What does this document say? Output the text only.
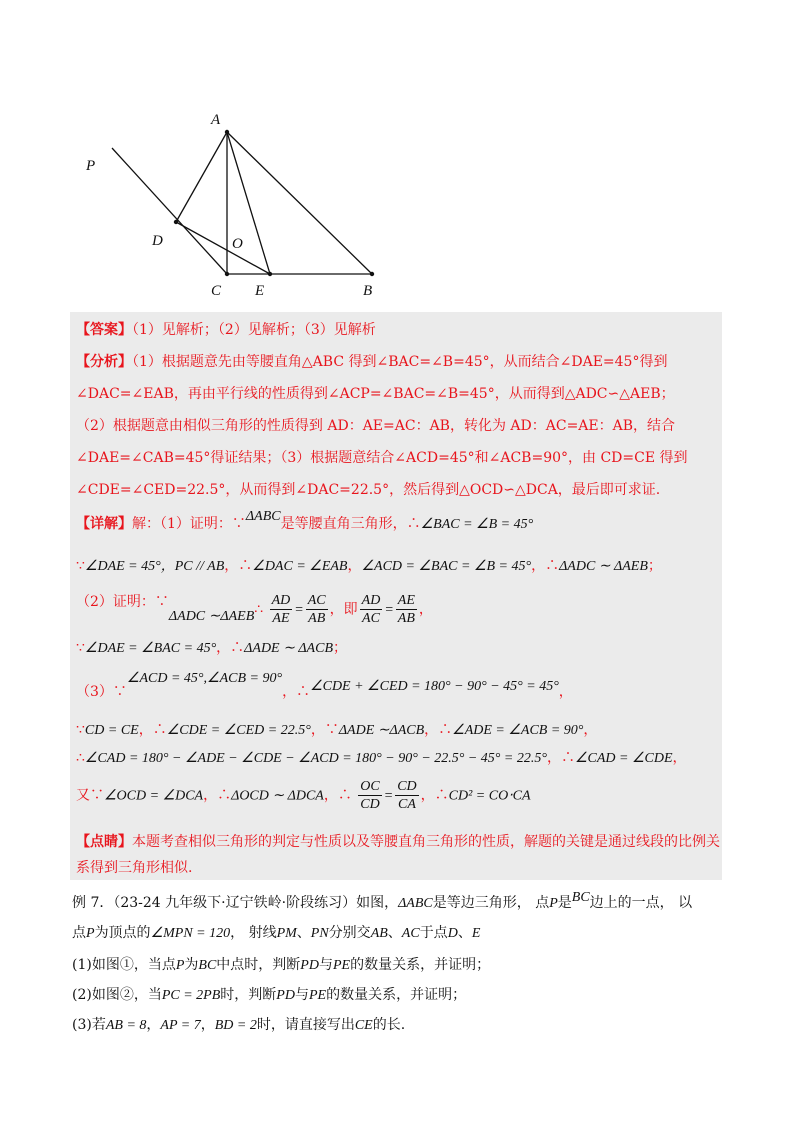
A
P
D	O
C E	B
【答案】（1）见解析；（2）见解析；（3）见解析
【分析】（1）根据题意先由等腰直角△ABC 得到∠BAC=∠B=45°，从而结合∠DAE=45°得到
∠DAC=∠EAB，再由平行线的性质得到∠ACP=∠BAC=∠B=45°，从而得到△ADC∽△AEB；
（2）根据题意由相似三角形的性质得到 AD：AE=AC：AB，转化为 AD：AC=AE：AB，结合
∠DAE=∠CAB=45°得证结果；（3）根据题意结合∠ACD=45°和∠ACB=90°，由 CD=CE 得到
∠CDE=∠CED=22.5°，从而得到∠DAC=22.5°，然后得到△OCD∽△DCA，最后即可求证.
【详解】解：（1）证明：∵ΔABC是等腰直角三角形，∴∠BAC = ∠B = 45°
∵∠DAE = 45°，PC // AB，∴∠DAC = ∠EAB，∠ACD = ∠BAC = ∠B = 45°，∴ΔADC ∼ ΔAEB；
（2）证明：∵ΔADC ∼ΔAEB∴ $\frac{AD}{AE} = \frac{AC}{AB}$ ，即 $\frac{AD}{AC} = \frac{AE}{AB}$ ，
∵∠DAE = ∠BAC = 45°，∴ΔADE ∼ ΔACB；
（3）∵∠ACD = 45°,∠ACB = 90°，∴∠CDE + ∠CED = 180° − 90° − 45° = 45°，
∵CD = CE，∴∠CDE = ∠CED = 22.5°，∵ΔADE ∼ΔACB，∴∠ADE = ∠ACB = 90°，
∴∠CAD = 180° − ∠ADE − ∠CDE − ∠ACD = 180° − 90° − 22.5° − 45° = 22.5°，∴∠CAD = ∠CDE，
又∵∠OCD = ∠DCA，∴ΔOCD ∼ ΔDCA，∴ $\frac{OC}{CD} = \frac{CD}{CA}$ ，∴CD² = CO⋅CA
【点睛】本题考查相似三角形的判定与性质以及等腰直角三角形的性质，解题的关键是通过线段的比例关
系得到三角形相似.
例 7．（23-24 九年级下·辽宁铁岭·阶段练习）如图，ΔABC是等边三角形， 点P是BC边上的一点， 以
点P为顶点的∠MPN = 120， 射线PM、PN分别交AB、AC于点D、E
(1)如图①，当点P为BC中点时，判断PD与PE的数量关系，并证明；
(2)如图②，当PC = 2PB时，判断PD与PE的数量关系，并证明；
(3)若AB = 8，AP = 7，BD = 2时，请直接写出CE的长.
